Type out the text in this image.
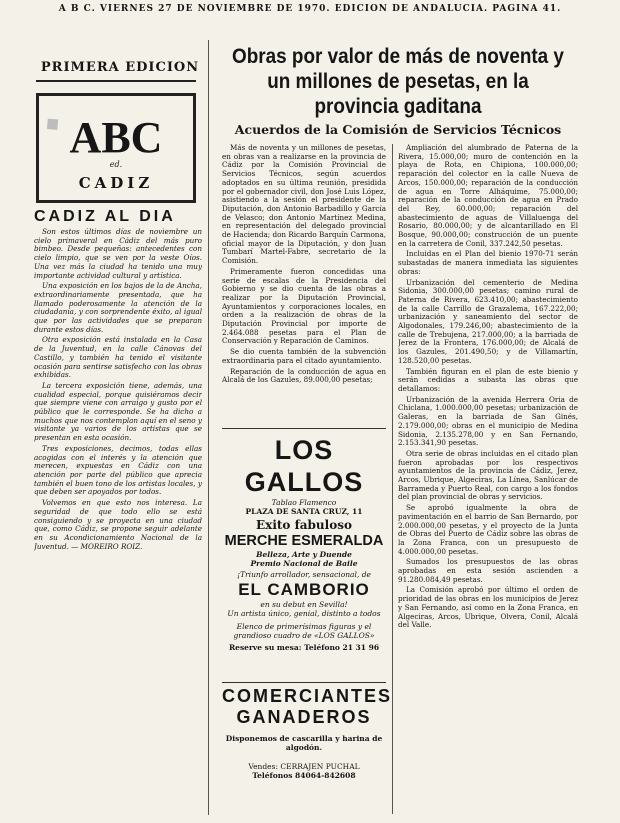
A B C. VIERNES 27 DE NOVIEMBRE DE 1970. EDICION DE ANDALUCIA. PAGINA 41.
PRIMERA EDICION
ABC
ed.
CADIZ
CADIZ AL DIA

Son estos últimos días de noviembre un cielo primaveral en Cádiz del más puro bimbeo. Desde pequeñas: antecedentes con cielo limpio, que se ven por la veste Oíos. Una vez más la ciudad ha tenido una muy importante actividad cultural y artística.

Una exposición en los bajos de la de Ancha, extraordinariamente presentada, que ha llamado poderosamente la atención de la ciudadanía, y con sorprendente éxito, al igual que por las actividades que se preparan durante estos días.

Otra exposición está instalada en la Casa de la Juventud, en la calle Cánovas del Castillo, y también ha tenido el visitante ocasión para sentirse satisfecho con las obras exhibidas.

La tercera exposición tiene, además, una cualidad especial, porque quisiéramos decir que siempre viene con arraigo y gusto por el público que le corresponde. Se ha dicho a muchos que nos contemplan aquí en el seno y visitante ya varios de los artistas que se presentan en esta ocasión.

Tres exposiciones, decimos, todas ellas acogidas con el interés y la atención que merecen, expuestas en Cádiz con una atención por parte del público que aprecia también el buen tono de los artistas locales, y que deben ser apoyados por todos.

Volvemos en que esto nos interesa. La seguridad de que todo ello se está consiguiendo y se proyecta en una ciudad que, como Cádiz, se propone seguir adelante en su Acondicionamiento Nacional de la Juventud. — MOREIRO ROIZ.

Obras por valor de más de noventa y un millones de pesetas, en la provincia gaditana
Acuerdos de la Comisión de Servicios Técnicos

Más de noventa y un millones de pesetas, en obras van a realizarse en la provincia de Cádiz por la Comisión Provincial de Servicios Técnicos, según acuerdos adoptados en su última reunión, presidida por el gobernador civil, don José Luis López, asistiendo a la sesión el presidente de la Diputación, don Antonio Barbadillo y García de Velasco; don Antonio Martínez Medina, en representación del delegado provincial de Hacienda; don Ricardo Barquín Carmona, oficial mayor de la Diputación, y don Juan Tumbarí Martel-Fabre, secretario de la Comisión.

Primeramente fueron concedidas una serie de escalas de la Presidencia del Gobierno y se dio cuenta de las obras a realizar por la Diputación Provincial, Ayuntamientos y corporaciones locales, en orden a la realización de obras de la Diputación Provincial por importe de 2.464.088 pesetas para el Plan de Conservación y Reparación de Caminos.

Se dio cuenta también de la subvención extraordinaria para el citado ayuntamiento.

Reparación de la conducción de agua en Alcalá de los Gazules, 89.000,00 pesetas;

LOS GALLOS
Tablao Flamenco
PLAZA DE SANTA CRUZ, 11
Exito fabuloso
MERCHE ESMERALDA
Belleza, Arte y Duende
Premio Nacional de Baile
¡Triunfo arrollador, sensacional, de
EL CAMBORIO
en su debut en Sevilla!
Un artista único, genial, distinto a todos
Elenco de primerísimas figuras y el grandioso cuadro de «LOS GALLOS»
Reserve su mesa: Teléfono 21 31 96
COMERCIANTES
GANADEROS
Disponemos de cascarilla y harina de algodón.
Vendes: CERRAJEN PUCHAL
Teléfonos 84064-842608

Ampliación del alumbrado de Paterna de la Rivera, 15.000,00; muro de contención en la playa de Rota, en Chipiona, 100.000,00; reparación del colector en la calle Nueva de Arcos, 150.000,00; reparación de la conducción de agua en Torre Alháquime, 75.000,00; reparación de la conducción de agua en Prado del Rey, 60.000,00; reparación del abastecimiento de aguas de Villaluenga del Rosario, 80.000,00; y de alcantarillado en El Bosque, 90.000,00; construcción de un puente en la carretera de Conil, 337.242,50 pesetas.

Incluidas en el Plan del bienio 1970-71 serán subastadas de manera inmediata las siguientes obras:

Urbanización del cementerio de Medina Sidonia, 300.000,00 pesetas; camino rural de Paterna de Rivera, 623.410,00; abastecimiento de la calle Carrillo de Grazalema, 167.222,00; urbanización y saneamiento del sector de Algodonales, 179.246,00; abastecimiento de la calle de Trebujena, 217.000,00; a la barriada de Jerez de la Frontera, 176.000,00; de Alcalá de los Gazules, 201.490,50; y de Villamartín, 128.520,00 pesetas.

También figuran en el plan de este bienio y serán cedidas a subasta las obras que detallamos:

Urbanización de la avenida Herrera Oria de Chiclana, 1.000.000,00 pesetas; urbanización de Galeras, en la barriada de San Ginés, 2.179.000,00; obras en el municipio de Medina Sidonia, 2.135.278,00 y en San Fernando, 2.153.341,90 pesetas.

Otra serie de obras incluidas en el citado plan fueron aprobadas por los respectivos ayuntamientos de la provincia de Cádiz, Jerez, Arcos, Ubrique, Algeciras, La Línea, Sanlúcar de Barrameda y Puerto Real, con cargo a los fondos del plan provincial de obras y servicios.

Se aprobó igualmente la obra de pavimentación en el barrio de San Bernardo, por 2.000.000,00 pesetas, y el proyecto de la Junta de Obras del Puerto de Cádiz sobre las obras de la Zona Franca, con un presupuesto de 4.000.000,00 pesetas.

Sumados los presupuestos de las obras aprobadas en esta sesión ascienden a 91.280.084,49 pesetas.

La Comisión aprobó por último el orden de prioridad de las obras en los municipios de Jerez y San Fernando, así como en la Zona Franca, en Algeciras, Arcos, Ubrique, Olvera, Conil, Alcalá del Valle.

◆
